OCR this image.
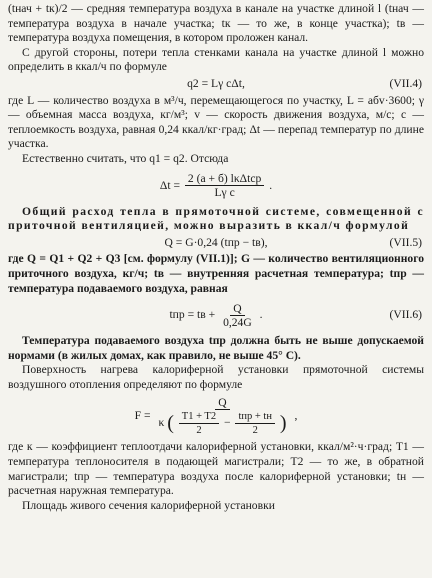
(tнач + tк)/2 — средняя температура воздуха в канале на участке длиной l (tнач — температура воздуха в начале участка; tк — то же, в конце участка); tв — температура воздуха помещения, в котором проложен канал.

С другой стороны, потери тепла стенками канала на участке длиной l можно определить в ккал/ч по формуле

q2 = Lγ cΔt,	(VII.4)

где L — количество воздуха в м³/ч, перемещающегося по участку, L = aбv·3600; γ — объемная масса воздуха, кг/м³; v — скорость движения воздуха, м/с; c — теплоемкость воздуха, равная 0,24 ккал/кг·град; Δt — перепад температур по длине участка.

Естественно считать, что q1 = q2. Отсюда

$\Delta t = \frac{\text{2 (a + б) lκΔtср}}{\text{Lγ c}}$ .

Общий расход тепла в прямоточной системе, совмещенной с приточной вентиляцией, можно выразить в ккал/ч формулой

Q = G·0,24 (tпр − tв),	(VII.5)

где Q = Q1 + Q2 + Q3 [см. формулу (VII.1)]; G — количество вентиляционного приточного воздуха, кг/ч; tв — внутренняя расчетная температура; tпр — температура подаваемого воздуха, равная

tпр = tв + $\frac{Q}{0,24G}$ .	(VII.6)

Температура подаваемого воздуха tпр должна быть не выше допускаемой нормами (в жилых домах, как правило, не выше 45° C).

Поверхность нагрева калориферной установки прямоточной системы воздушного отопления определяют по формуле

F =
Q
κ ( $\frac{T1 + T2}{2} - \frac{\text{tпр + tн}}{2}$ ) ,

где к — коэффициент теплоотдачи калориферной установки, ккал/м²·ч·град; T1 — температура теплоносителя в подающей магистрали; T2 — то же, в обратной магистрали; tпр — температура воздуха после калориферной установки; tн — расчетная наружная температура.

Площадь живого сечения калориферной установки
